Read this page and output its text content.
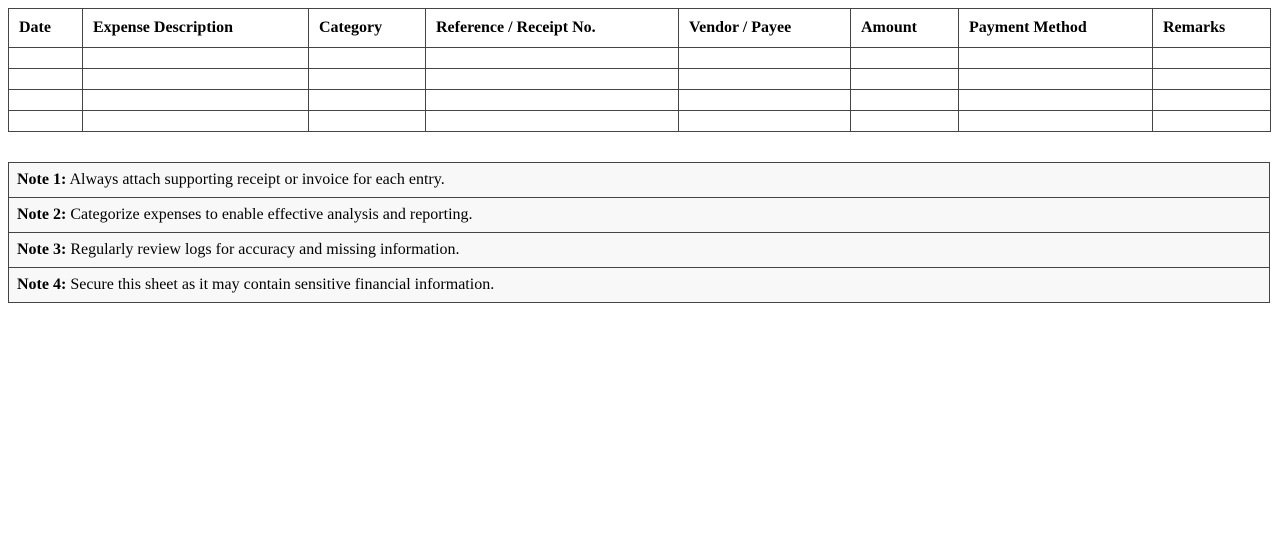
Date	Expense Description	Category	Reference / Receipt No.	Vendor / Payee	Amount	Payment Method	Remarks

Note 1: Always attach supporting receipt or invoice for each entry.
Note 2: Categorize expenses to enable effective analysis and reporting.
Note 3: Regularly review logs for accuracy and missing information.
Note 4: Secure this sheet as it may contain sensitive financial information.
